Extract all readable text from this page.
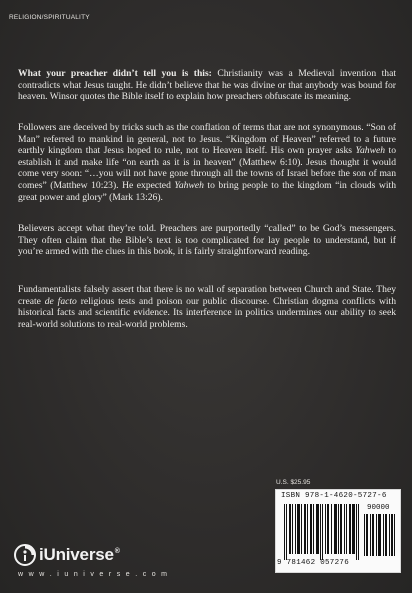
RELIGION/SPIRITUALITY

What your preacher didn’t tell you is this: Christianity was a Medieval invention that contradicts what Jesus taught. He didn’t believe that he was divine or that anybody was bound for heaven. Winsor quotes the Bible itself to explain how preachers obfuscate its meaning.

Followers are deceived by tricks such as the conflation of terms that are not synonymous. “Son of Man” referred to mankind in general, not to Jesus. “Kingdom of Heaven” referred to a future earthly kingdom that Jesus hoped to rule, not to Heaven itself. His own prayer asks Yahweh to establish it and make life “on earth as it is in heaven” (Matthew 6:10). Jesus thought it would come very soon: “…you will not have gone through all the towns of Israel before the son of man comes” (Matthew 10:23). He expected Yahweh to bring people to the kingdom “in clouds with great power and glory” (Mark 13:26).

Believers accept what they’re told. Preachers are purportedly “called” to be God’s messengers. They often claim that the Bible’s text is too complicated for lay people to understand, but if you’re armed with the clues in this book, it is fairly straightforward reading.

Fundamentalists falsely assert that there is no wall of separation between Church and State. They create de facto religious tests and poison our public discourse. Christian dogma conflicts with historical facts and scientific evidence. Its interference in politics undermines our ability to seek real-world solutions to real-world problems.

U.S. $25.95
ISBN 978-1-4620-5727-6
90000
9 781462 057276
iUniverse®
w w w . i u n i v e r s e . c o m
